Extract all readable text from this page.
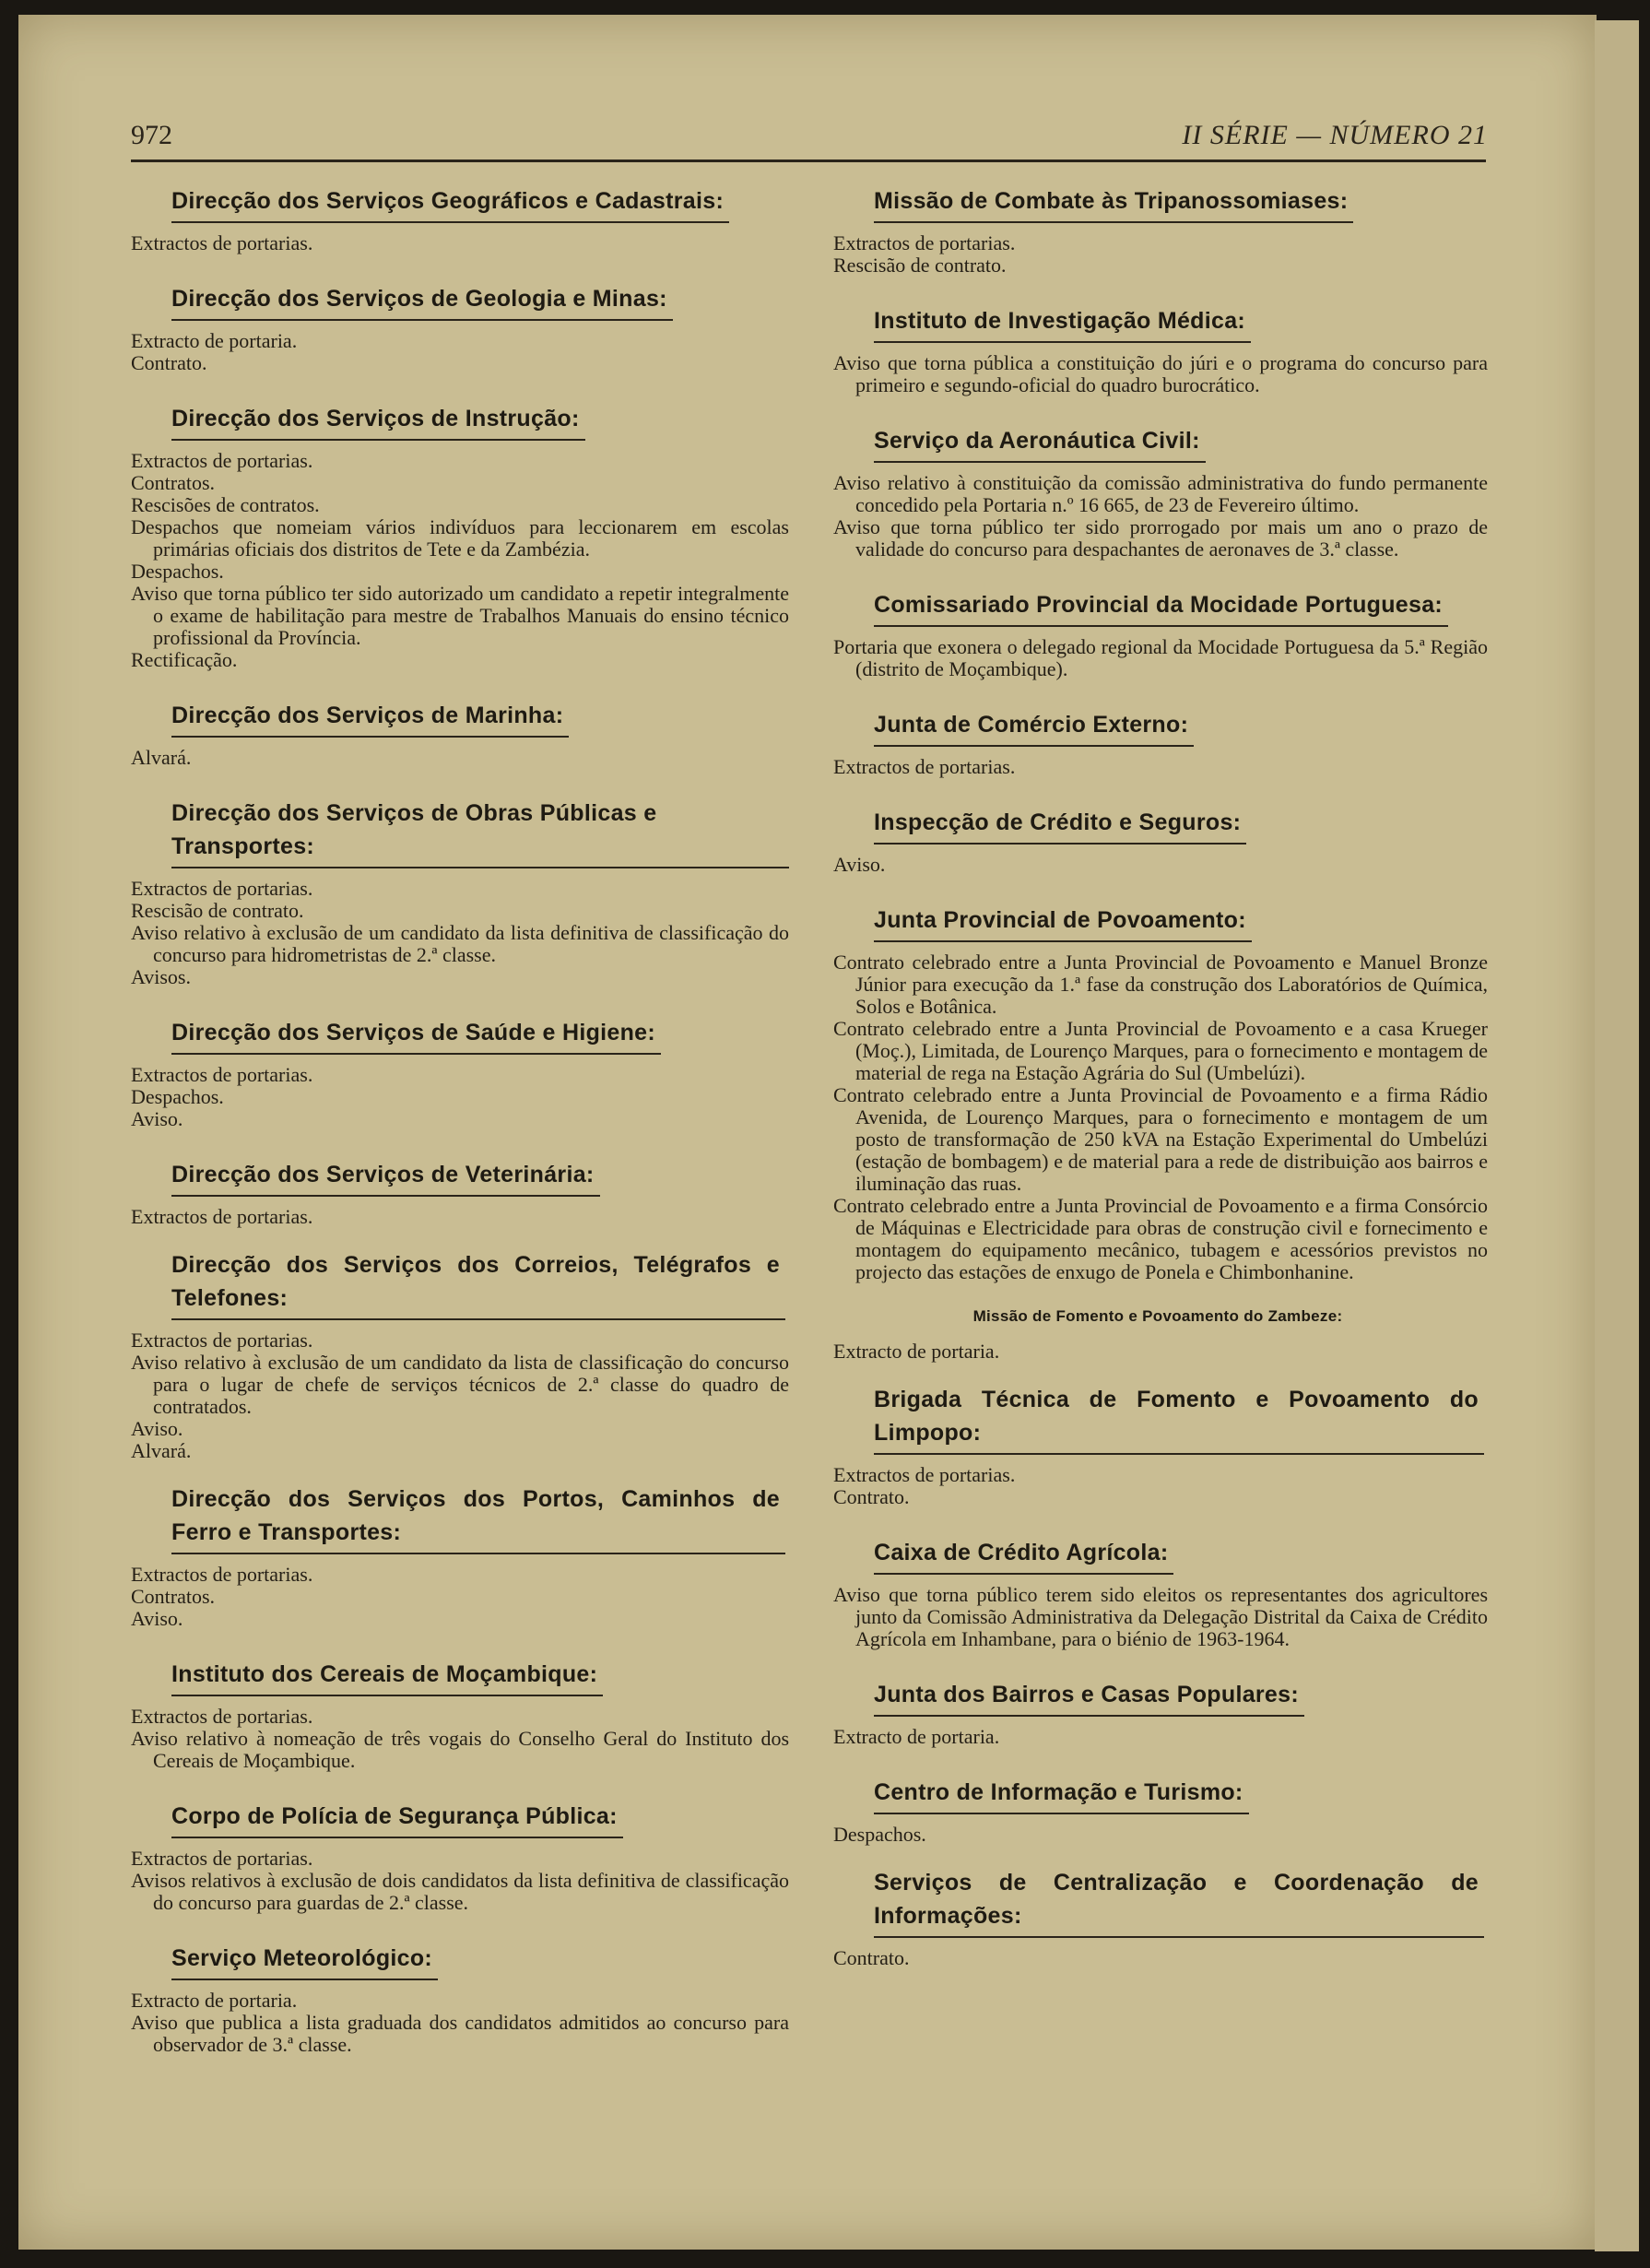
972	II SÉRIE — NÚMERO 21
Direcção dos Serviços Geográficos e Cadastrais:

Extractos de portarias.

Direcção dos Serviços de Geologia e Minas:

Extracto de portaria.

Contrato.

Direcção dos Serviços de Instrução:

Extractos de portarias.

Contratos.

Rescisões de contratos.

Despachos que nomeiam vários indivíduos para leccionarem em escolas primárias oficiais dos distritos de Tete e da Zambézia.

Despachos.

Aviso que torna público ter sido autorizado um candidato a repetir integralmente o exame de habilitação para mestre de Trabalhos Manuais do ensino técnico profissional da Província.

Rectificação.

Direcção dos Serviços de Marinha:

Alvará.

Direcção dos Serviços de Obras Públicas e Transportes:

Extractos de portarias.

Rescisão de contrato.

Aviso relativo à exclusão de um candidato da lista definitiva de classificação do concurso para hidrometristas de 2.ª classe.

Avisos.

Direcção dos Serviços de Saúde e Higiene:

Extractos de portarias.

Despachos.

Aviso.

Direcção dos Serviços de Veterinária:

Extractos de portarias.

Direcção dos Serviços dos Correios, Telégrafos e Telefones:

Extractos de portarias.

Aviso relativo à exclusão de um candidato da lista de classificação do concurso para o lugar de chefe de serviços técnicos de 2.ª classe do quadro de contratados.

Aviso.

Alvará.

Direcção dos Serviços dos Portos, Caminhos de Ferro e Transportes:

Extractos de portarias.

Contratos.

Aviso.

Instituto dos Cereais de Moçambique:

Extractos de portarias.

Aviso relativo à nomeação de três vogais do Conselho Geral do Instituto dos Cereais de Moçambique.

Corpo de Polícia de Segurança Pública:

Extractos de portarias.

Avisos relativos à exclusão de dois candidatos da lista definitiva de classificação do concurso para guardas de 2.ª classe.

Serviço Meteorológico:

Extracto de portaria.

Aviso que publica a lista graduada dos candidatos admitidos ao concurso para observador de 3.ª classe.

Missão de Combate às Tripanossomiases:

Extractos de portarias.

Rescisão de contrato.

Instituto de Investigação Médica:

Aviso que torna pública a constituição do júri e o programa do concurso para primeiro e segundo-oficial do quadro burocrático.

Serviço da Aeronáutica Civil:

Aviso relativo à constituição da comissão administrativa do fundo permanente concedido pela Portaria n.º 16 665, de 23 de Fevereiro último.

Aviso que torna público ter sido prorrogado por mais um ano o prazo de validade do concurso para despachantes de aeronaves de 3.ª classe.

Comissariado Provincial da Mocidade Portuguesa:

Portaria que exonera o delegado regional da Mocidade Portuguesa da 5.ª Região (distrito de Moçambique).

Junta de Comércio Externo:

Extractos de portarias.

Inspecção de Crédito e Seguros:

Aviso.

Junta Provincial de Povoamento:

Contrato celebrado entre a Junta Provincial de Povoamento e Manuel Bronze Júnior para execução da 1.ª fase da construção dos Laboratórios de Química, Solos e Botânica.

Contrato celebrado entre a Junta Provincial de Povoamento e a casa Krueger (Moç.), Limitada, de Lourenço Marques, para o fornecimento e montagem de material de rega na Estação Agrária do Sul (Umbelúzi).

Contrato celebrado entre a Junta Provincial de Povoamento e a firma Rádio Avenida, de Lourenço Marques, para o fornecimento e montagem de um posto de transformação de 250 kVA na Estação Experimental do Umbelúzi (estação de bombagem) e de material para a rede de distribuição aos bairros e iluminação das ruas.

Contrato celebrado entre a Junta Provincial de Povoamento e a firma Consórcio de Máquinas e Electricidade para obras de construção civil e fornecimento e montagem do equipamento mecânico, tubagem e acessórios previstos no projecto das estações de enxugo de Ponela e Chimbonhanine.

Missão de Fomento e Povoamento do Zambeze:

Extracto de portaria.

Brigada Técnica de Fomento e Povoamento do Limpopo:

Extractos de portarias.

Contrato.

Caixa de Crédito Agrícola:

Aviso que torna público terem sido eleitos os representantes dos agricultores junto da Comissão Administrativa da Delegação Distrital da Caixa de Crédito Agrícola em Inhambane, para o biénio de 1963-1964.

Junta dos Bairros e Casas Populares:

Extracto de portaria.

Centro de Informação e Turismo:

Despachos.

Serviços de Centralização e Coordenação de Informações:

Contrato.
